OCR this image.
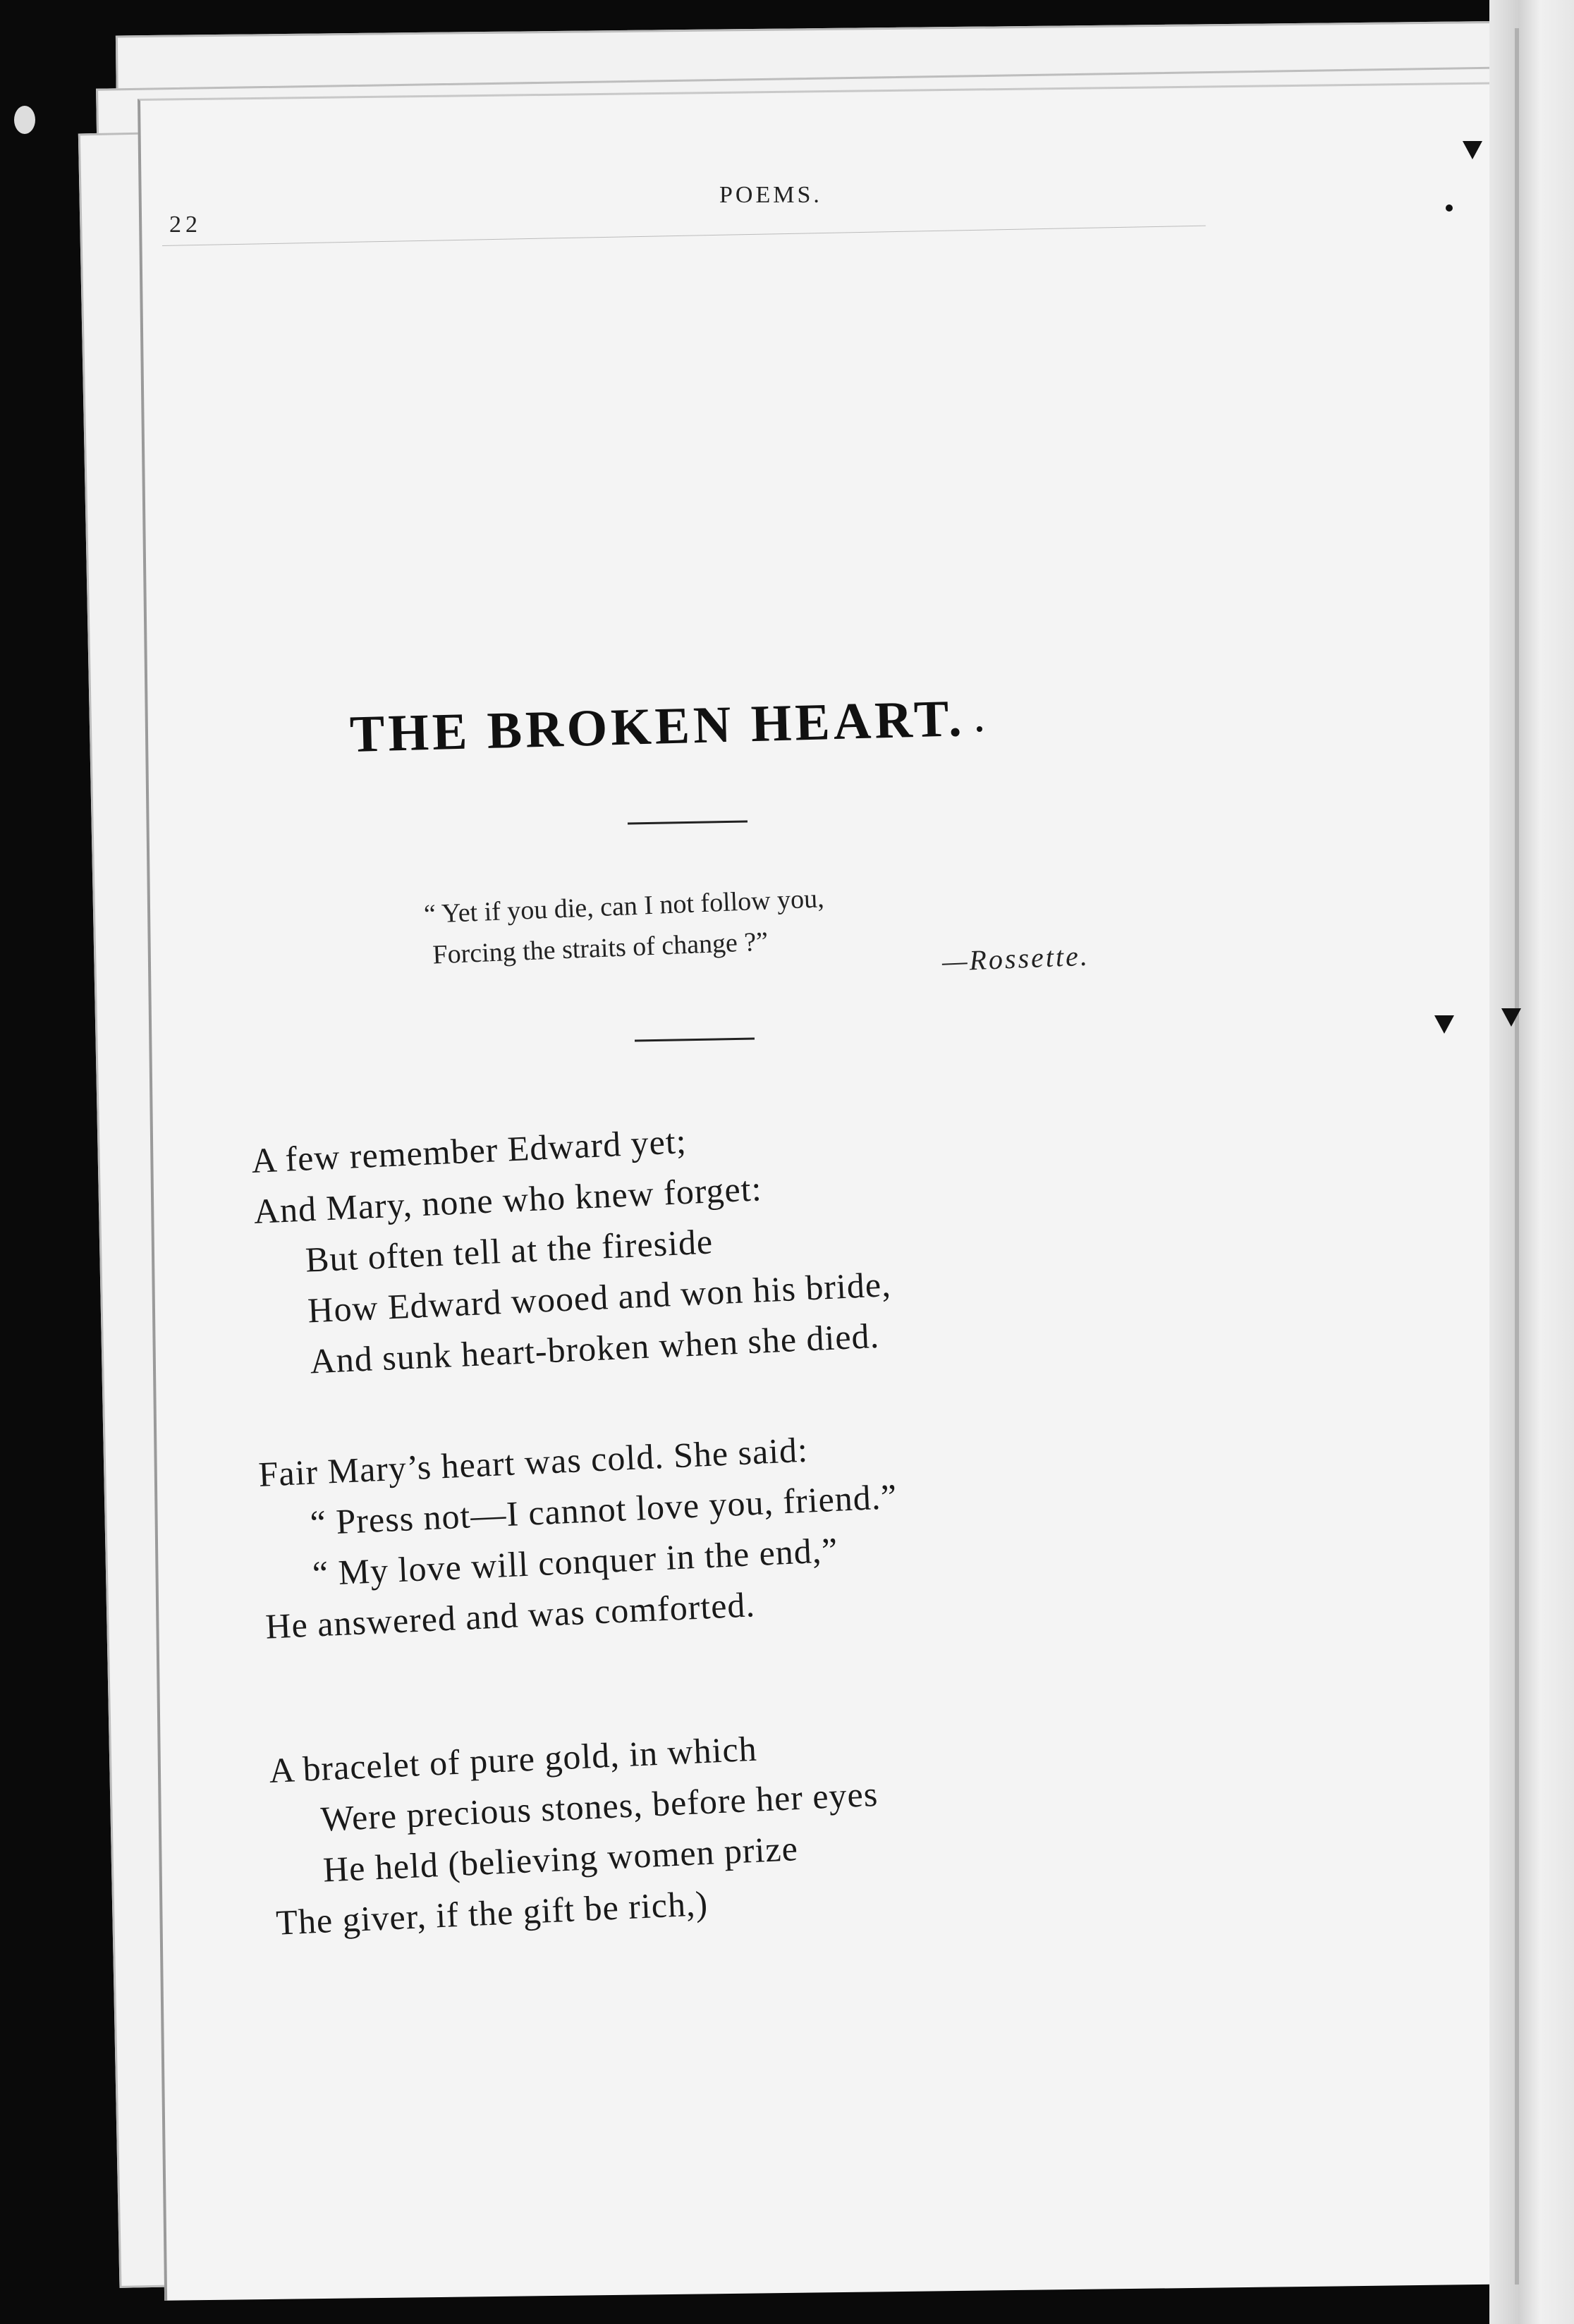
22
POEMS.
THE BROKEN HEART.
“ Yet if you die, can I not follow you,
Forcing the straits of change ?”	—Rossette.
A few remember Edward yet;
And Mary, none who knew forget:
But often tell at the fireside
How Edward wooed and won his bride,
And sunk heart-broken when she died.
Fair Mary’s heart was cold. She said:
“ Press not—I cannot love you, friend.”
“ My love will conquer in the end,”
He answered and was comforted.
A bracelet of pure gold, in which
Were precious stones, before her eyes
He held (believing women prize
The giver, if the gift be rich,)
